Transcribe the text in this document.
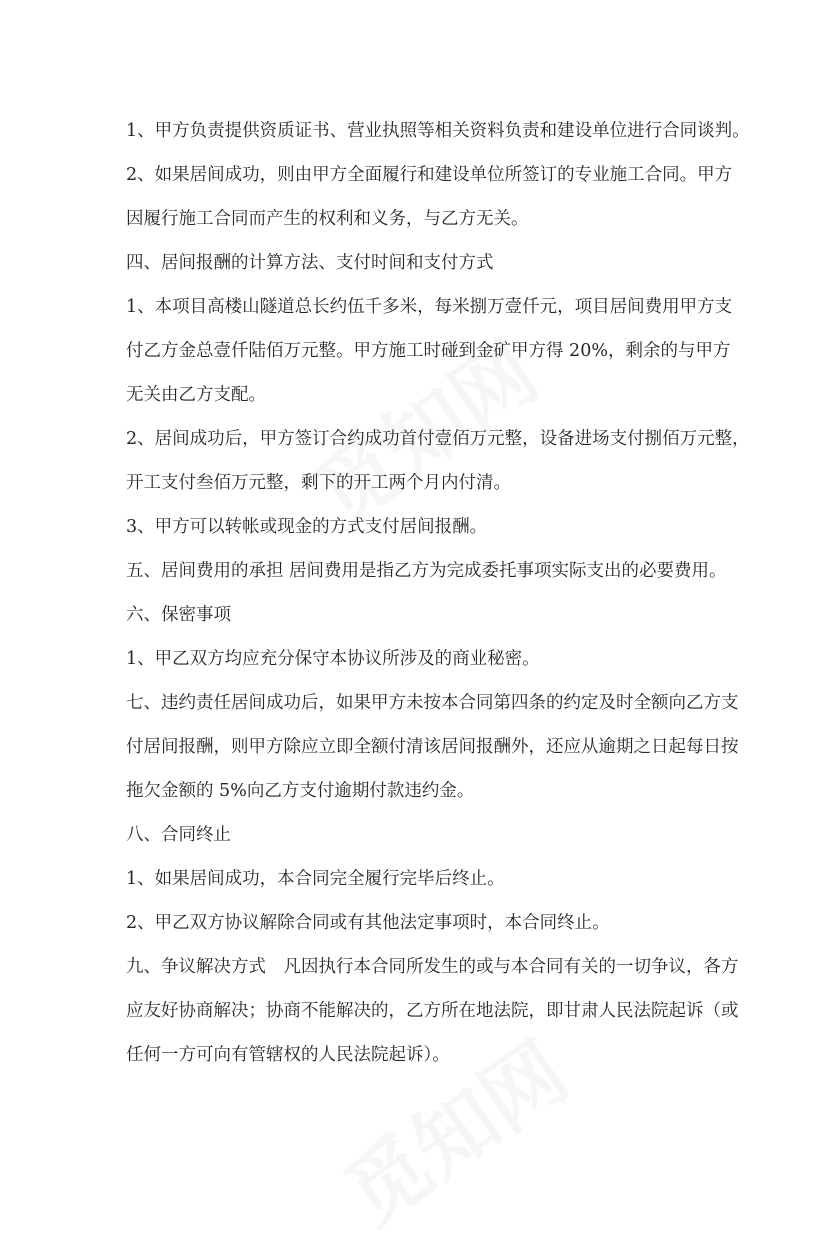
1、甲方负责提供资质证书、营业执照等相关资料负责和建设单位进行合同谈判。

2、如果居间成功，则由甲方全面履行和建设单位所签订的专业施工合同。甲方
因履行施工合同而产生的权利和义务，与乙方无关。

四、居间报酬的计算方法、支付时间和支付方式

1、本项目高楼山隧道总长约伍千多米，每米捌万壹仟元，项目居间费用甲方支
付乙方金总壹仟陆佰万元整。甲方施工时碰到金矿甲方得 20%，剩余的与甲方
无关由乙方支配。

2、居间成功后，甲方签订合约成功首付壹佰万元整，设备进场支付捌佰万元整，
开工支付叁佰万元整，剩下的开工两个月内付清。

3、甲方可以转帐或现金的方式支付居间报酬。

五、居间费用的承担 居间费用是指乙方为完成委托事项实际支出的必要费用。

六、保密事项

1、甲乙双方均应充分保守本协议所涉及的商业秘密。

七、违约责任居间成功后，如果甲方未按本合同第四条的约定及时全额向乙方支
付居间报酬，则甲方除应立即全额付清该居间报酬外，还应从逾期之日起每日按
拖欠金额的 5%向乙方支付逾期付款违约金。

八、合同终止

1、如果居间成功，本合同完全履行完毕后终止。

2、甲乙双方协议解除合同或有其他法定事项时，本合同终止。

九、争议解决方式　凡因执行本合同所发生的或与本合同有关的一切争议，各方
应友好协商解决；协商不能解决的，乙方所在地法院，即甘肃人民法院起诉（或
任何一方可向有管辖权的人民法院起诉）。
